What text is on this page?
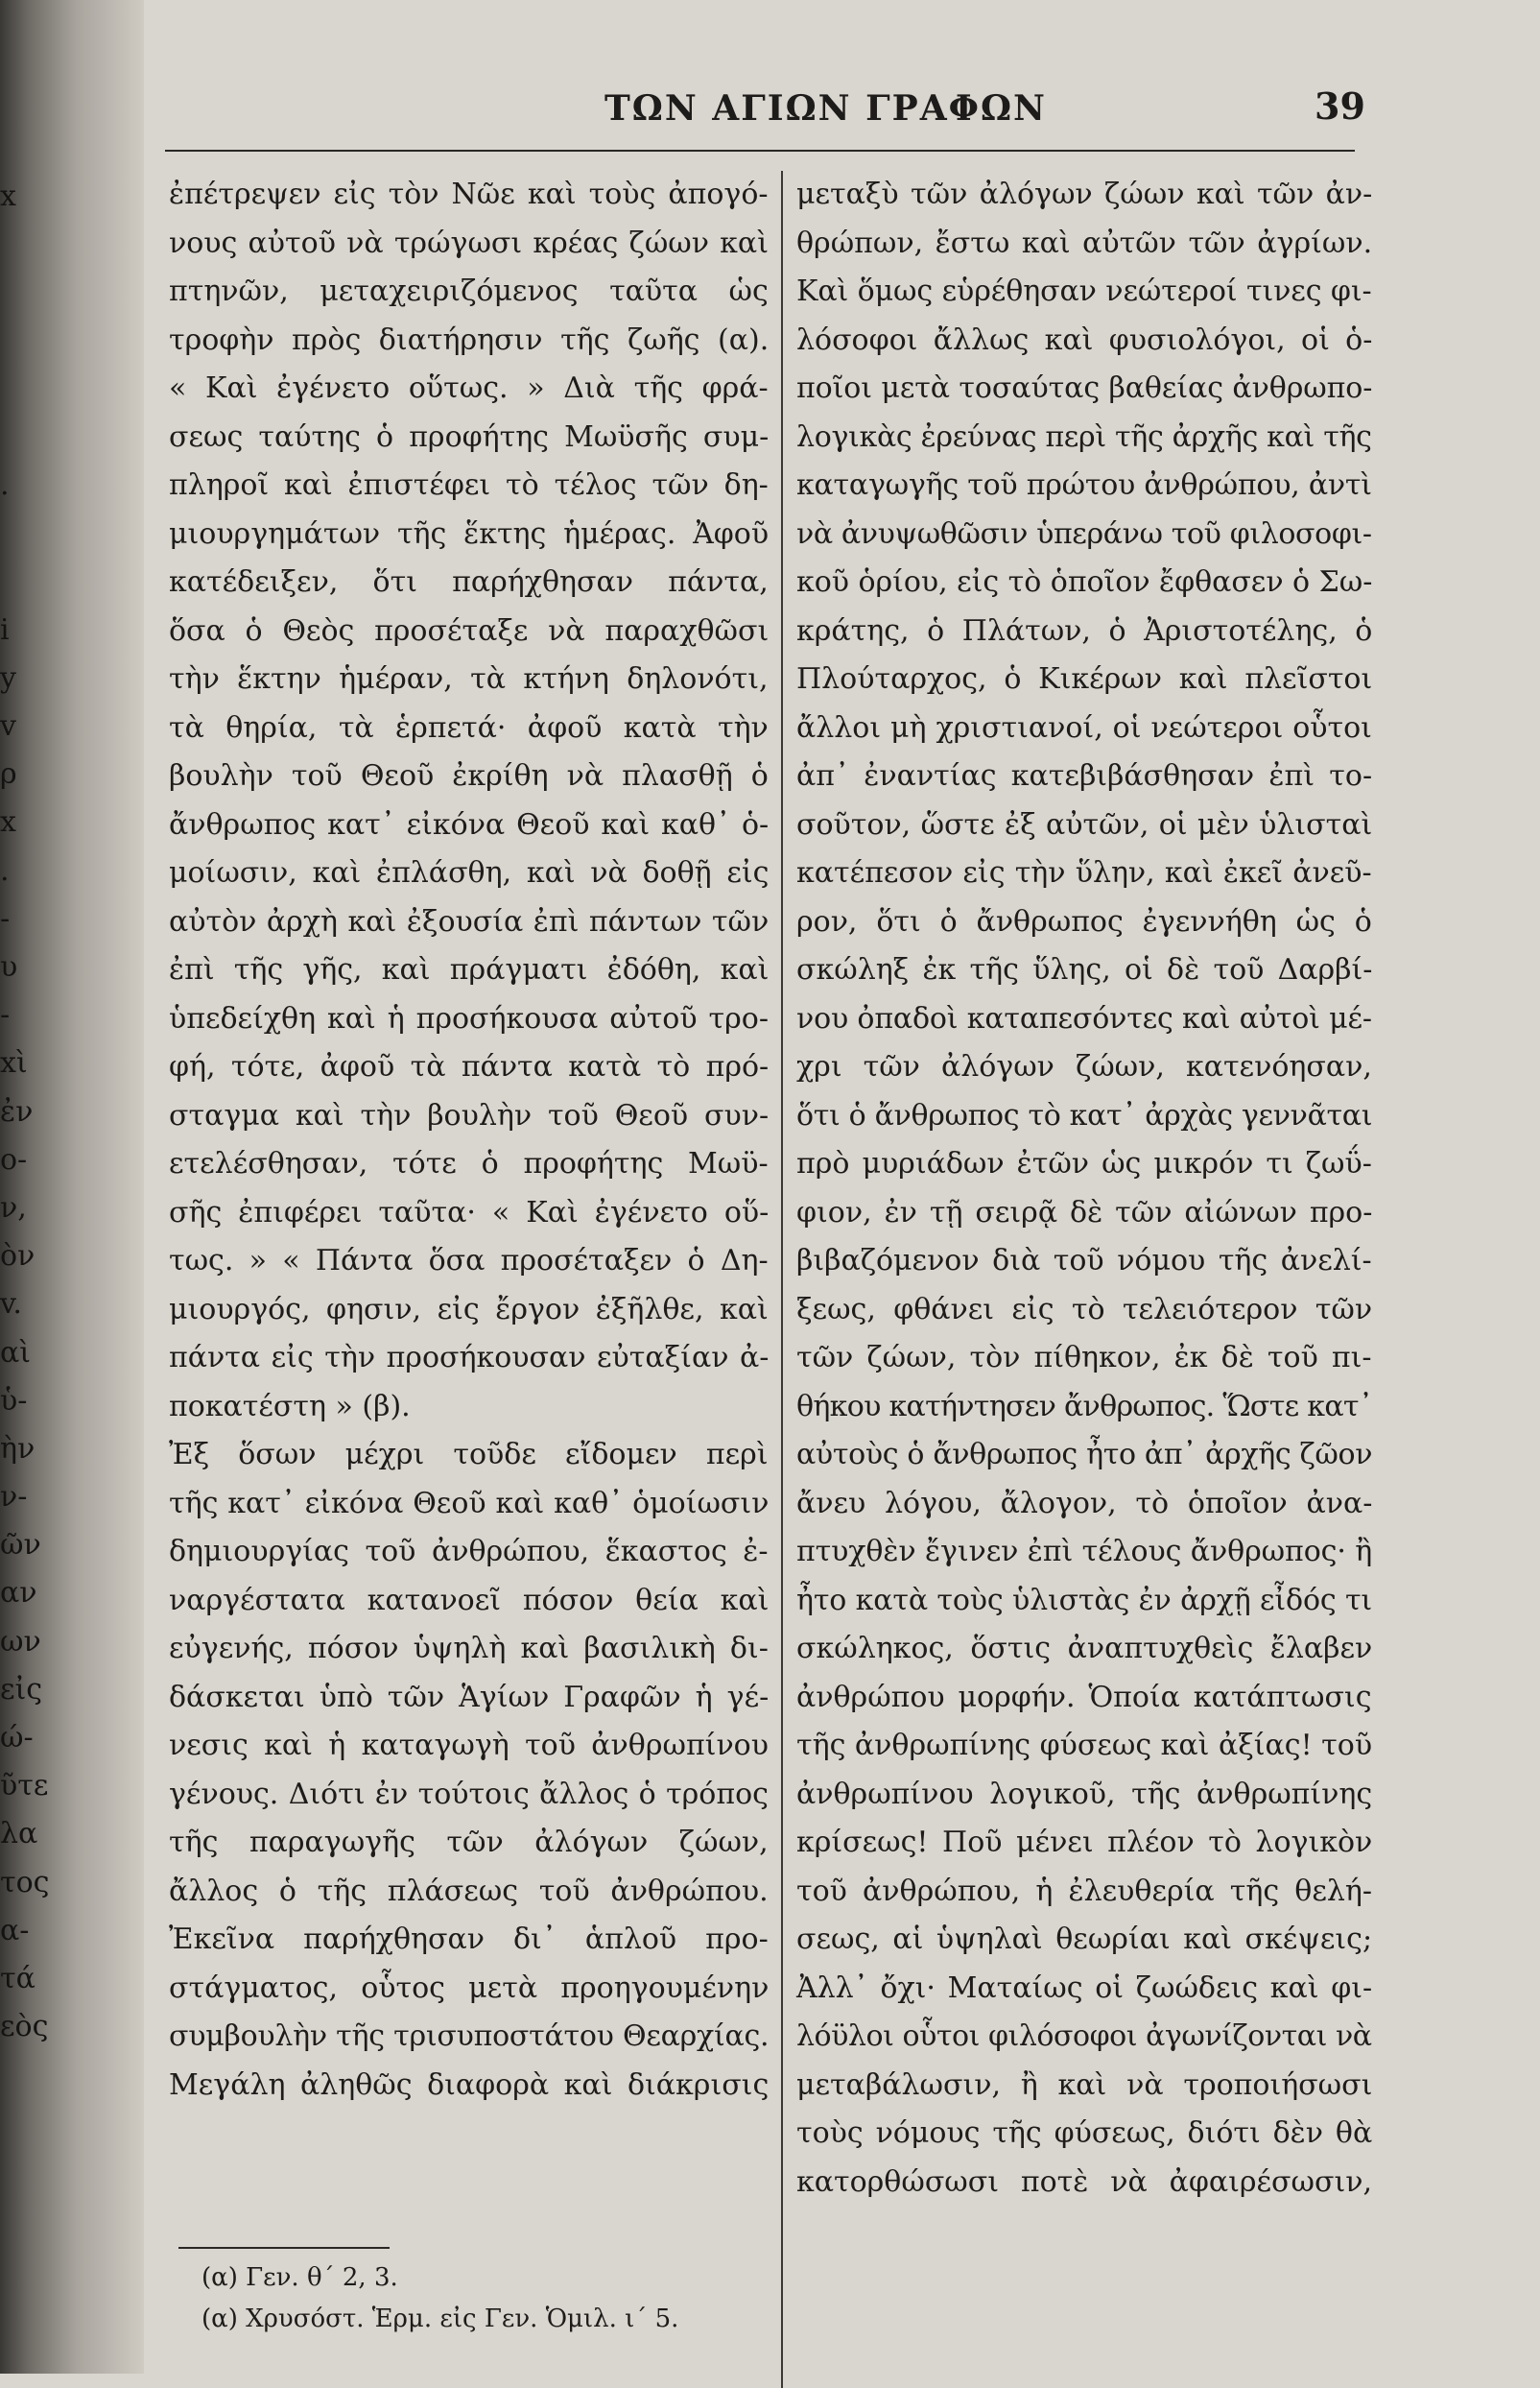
x
.
i
y
v
ρ
x
.
-
υ
-
xὶ
ἐν
ο-
ν,
ὸν
v.
αὶ
ὑ-
ὴν
ν-
ῶν
αν
ων
εἰς
ώ-
ῦτε
λα
τος
α-
τά
εὸς
ΤΩΝ ΑΓΙΩΝ ΓΡΑΦΩΝ	39
ἐπέτρεψεν εἰς τὸν Νῶε καὶ τοὺς ἀπογό-
νους αὐτοῦ νὰ τρώγωσι κρέας ζώων καὶ
πτηνῶν, μεταχειριζόμενος ταῦτα ὡς
τροφὴν πρὸς διατήρησιν τῆς ζωῆς (α).
« Καὶ ἐγένετο οὕτως. » Διὰ τῆς φρά-
σεως ταύτης ὁ προφήτης Μωϋσῆς συμ-
πληροῖ καὶ ἐπιστέφει τὸ τέλος τῶν δη-
μιουργημάτων τῆς ἕκτης ἡμέρας. Ἀφοῦ
κατέδειξεν, ὅτι παρήχθησαν πάντα,
ὅσα ὁ Θεὸς προσέταξε νὰ παραχθῶσι
τὴν ἕκτην ἡμέραν, τὰ κτήνη δηλονότι,
τὰ θηρία, τὰ ἑρπετά· ἀφοῦ κατὰ τὴν
βουλὴν τοῦ Θεοῦ ἐκρίθη νὰ πλασθῇ ὁ
ἄνθρωπος κατ᾽ εἰκόνα Θεοῦ καὶ καθ᾽ ὁ-
μοίωσιν, καὶ ἐπλάσθη, καὶ νὰ δοθῇ εἰς
αὐτὸν ἀρχὴ καὶ ἐξουσία ἐπὶ πάντων τῶν
ἐπὶ τῆς γῆς, καὶ πράγματι ἐδόθη, καὶ
ὑπεδείχθη καὶ ἡ προσήκουσα αὐτοῦ τρο-
φή, τότε, ἀφοῦ τὰ πάντα κατὰ τὸ πρό-
σταγμα καὶ τὴν βουλὴν τοῦ Θεοῦ συν-
ετελέσθησαν, τότε ὁ προφήτης Μωϋ-
σῆς ἐπιφέρει ταῦτα· « Καὶ ἐγένετο οὕ-
τως. » « Πάντα ὅσα προσέταξεν ὁ Δη-
μιουργός, φησιν, εἰς ἔργον ἐξῆλθε, καὶ
πάντα εἰς τὴν προσήκουσαν εὐταξίαν ἀ-
ποκατέστη » (β).
Ἐξ ὅσων μέχρι τοῦδε εἴδομεν περὶ
τῆς κατ᾽ εἰκόνα Θεοῦ καὶ καθ᾽ ὁμοίωσιν
δημιουργίας τοῦ ἀνθρώπου, ἕκαστος ἐ-
ναργέστατα κατανοεῖ πόσον θεία καὶ
εὐγενής, πόσον ὑψηλὴ καὶ βασιλικὴ δι-
δάσκεται ὑπὸ τῶν Ἁγίων Γραφῶν ἡ γέ-
νεσις καὶ ἡ καταγωγὴ τοῦ ἀνθρωπίνου
γένους. Διότι ἐν τούτοις ἄλλος ὁ τρόπος
τῆς παραγωγῆς τῶν ἀλόγων ζώων,
ἄλλος ὁ τῆς πλάσεως τοῦ ἀνθρώπου.
Ἐκεῖνα παρήχθησαν δι᾽ ἁπλοῦ προ-
στάγματος, οὗτος μετὰ προηγουμένην
συμβουλὴν τῆς τρισυποστάτου Θεαρχίας.
Μεγάλη ἀληθῶς διαφορὰ καὶ διάκρισις
μεταξὺ τῶν ἀλόγων ζώων καὶ τῶν ἀν-
θρώπων, ἔστω καὶ αὐτῶν τῶν ἀγρίων.
Καὶ ὅμως εὑρέθησαν νεώτεροί τινες φι-
λόσοφοι ἄλλως καὶ φυσιολόγοι, οἱ ὁ-
ποῖοι μετὰ τοσαύτας βαθείας ἀνθρωπο-
λογικὰς ἐρεύνας περὶ τῆς ἀρχῆς καὶ τῆς
καταγωγῆς τοῦ πρώτου ἀνθρώπου, ἀντὶ
νὰ ἀνυψωθῶσιν ὑπεράνω τοῦ φιλοσοφι-
κοῦ ὁρίου, εἰς τὸ ὁποῖον ἔφθασεν ὁ Σω-
κράτης, ὁ Πλάτων, ὁ Ἀριστοτέλης, ὁ
Πλούταρχος, ὁ Κικέρων καὶ πλεῖστοι
ἄλλοι μὴ χριστιανοί, οἱ νεώτεροι οὗτοι
ἀπ᾽ ἐναντίας κατεβιβάσθησαν ἐπὶ το-
σοῦτον, ὥστε ἐξ αὐτῶν, οἱ μὲν ὑλισταὶ
κατέπεσον εἰς τὴν ὕλην, καὶ ἐκεῖ ἀνεῦ-
ρον, ὅτι ὁ ἄνθρωπος ἐγεννήθη ὡς ὁ
σκώληξ ἐκ τῆς ὕλης, οἱ δὲ τοῦ Δαρβί-
νου ὀπαδοὶ καταπεσόντες καὶ αὐτοὶ μέ-
χρι τῶν ἀλόγων ζώων, κατενόησαν,
ὅτι ὁ ἄνθρωπος τὸ κατ᾽ ἀρχὰς γεννᾶται
πρὸ μυριάδων ἐτῶν ὡς μικρόν τι ζωΰ-
φιον, ἐν τῇ σειρᾷ δὲ τῶν αἰώνων προ-
βιβαζόμενον διὰ τοῦ νόμου τῆς ἀνελί-
ξεως, φθάνει εἰς τὸ τελειότερον τῶν
τῶν ζώων, τὸν πίθηκον, ἐκ δὲ τοῦ πι-
θήκου κατήντησεν ἄνθρωπος. Ὥστε κατ᾽
αὐτοὺς ὁ ἄνθρωπος ἦτο ἀπ᾽ ἀρχῆς ζῶον
ἄνευ λόγου, ἄλογον, τὸ ὁποῖον ἀνα-
πτυχθὲν ἔγινεν ἐπὶ τέλους ἄνθρωπος· ἢ
ἦτο κατὰ τοὺς ὑλιστὰς ἐν ἀρχῇ εἶδός τι
σκώληκος, ὅστις ἀναπτυχθεὶς ἔλαβεν
ἀνθρώπου μορφήν. Ὁποία κατάπτωσις
τῆς ἀνθρωπίνης φύσεως καὶ ἀξίας! τοῦ
ἀνθρωπίνου λογικοῦ, τῆς ἀνθρωπίνης
κρίσεως! Ποῦ μένει πλέον τὸ λογικὸν
τοῦ ἀνθρώπου, ἡ ἐλευθερία τῆς θελή-
σεως, αἱ ὑψηλαὶ θεωρίαι καὶ σκέψεις;
Ἀλλ᾽ ὄχι· Ματαίως οἱ ζωώδεις καὶ φι-
λόϋλοι οὗτοι φιλόσοφοι ἀγωνίζονται νὰ
μεταβάλωσιν, ἢ καὶ νὰ τροποιήσωσι
τοὺς νόμους τῆς φύσεως, διότι δὲν θὰ
κατορθώσωσι ποτὲ νὰ ἀφαιρέσωσιν,
(α) Γεν. θ΄ 2, 3.
(α) Χρυσόστ. Ἑρμ. εἰς Γεν. Ὁμιλ. ι΄ 5.
